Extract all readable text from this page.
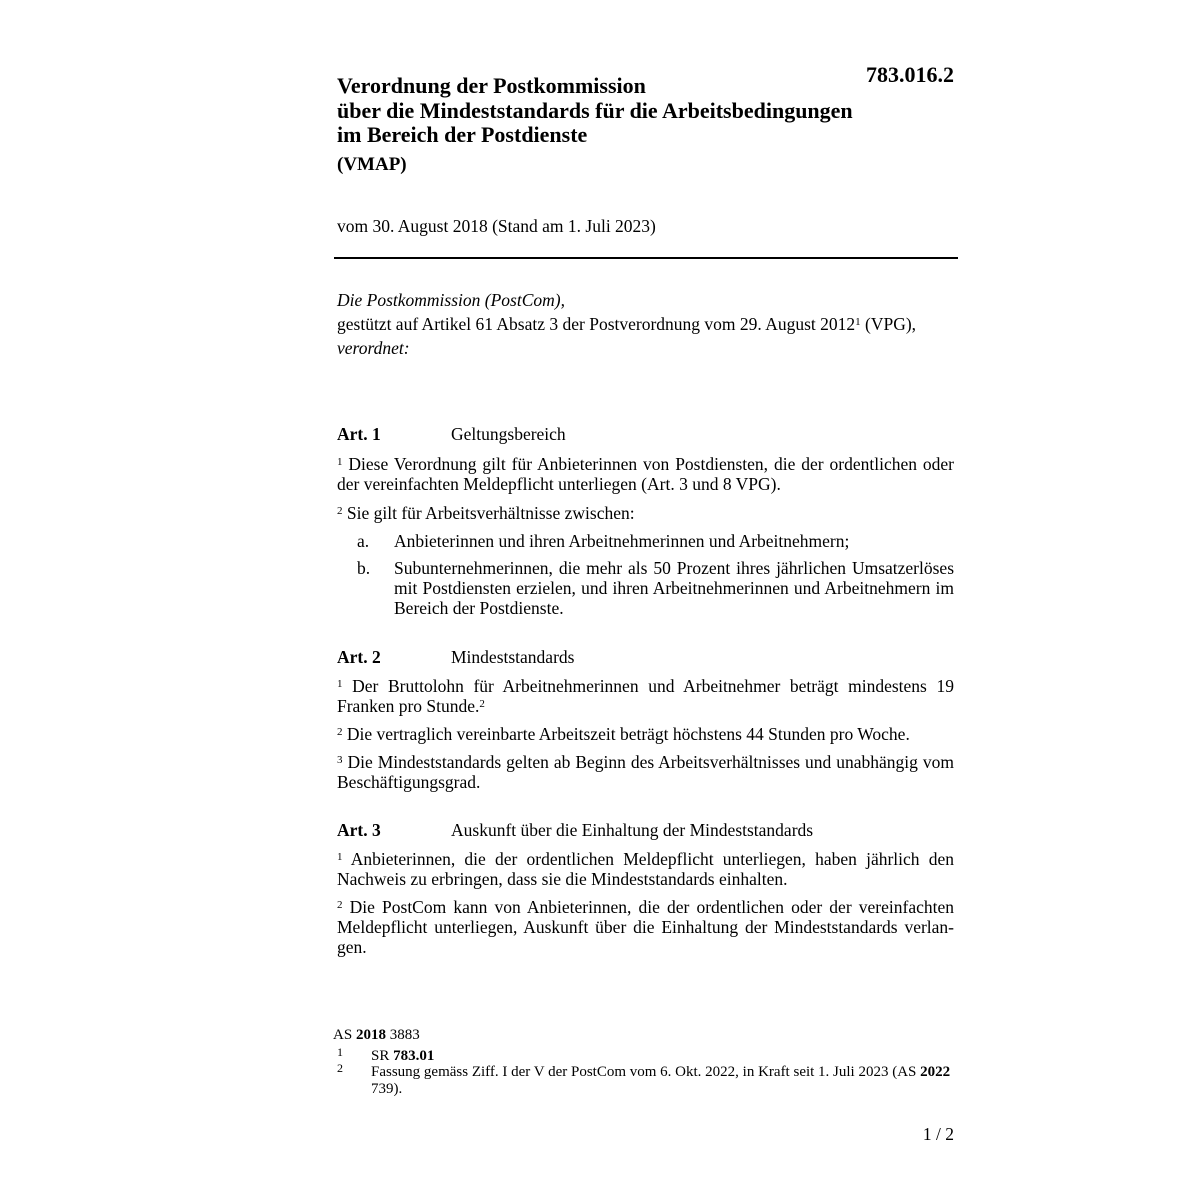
783.016.2
Verordnung der Postkommission
über die Mindeststandards für die Arbeitsbedingungen
im Bereich der Postdienste
(VMAP)
vom 30. August 2018 (Stand am 1. Juli 2023)
Die Postkommission (PostCom),
gestützt auf Artikel 61 Absatz 3 der Postverordnung vom 29. August 2012$^1$ (VPG),
verordnet:
Art. 1	Geltungsbereich
$^1$ Diese Verordnung gilt für Anbieterinnen von Postdiensten, die der ordentlichen oder der vereinfachten Meldepflicht unterliegen (Art. 3 und 8 VPG).
$^2$ Sie gilt für Arbeitsverhältnisse zwischen:
a. Anbieterinnen und ihren Arbeitnehmerinnen und Arbeitnehmern;
b. Subunternehmerinnen, die mehr als 50 Prozent ihres jährlichen Umsatzerlöses mit Postdiensten erzielen, und ihren Arbeitnehmerinnen und Arbeitnehmern im Bereich der Postdienste.
Art. 2	Mindeststandards
$^1$ Der Bruttolohn für Arbeitnehmerinnen und Arbeitnehmer beträgt mindestens 19 Franken pro Stunde.$^2$
$^2$ Die vertraglich vereinbarte Arbeitszeit beträgt höchstens 44 Stunden pro Woche.
$^3$ Die Mindeststandards gelten ab Beginn des Arbeitsverhältnisses und unabhängig vom Beschäftigungsgrad.
Art. 3	Auskunft über die Einhaltung der Mindeststandards
$^1$ Anbieterinnen, die der ordentlichen Meldepflicht unterliegen, haben jährlich den Nachweis zu erbringen, dass sie die Mindeststandards einhalten.
$^2$ Die PostCom kann von Anbieterinnen, die der ordentlichen oder der vereinfachten Meldepflicht unterliegen, Auskunft über die Einhaltung der Mindeststandards verlan-gen.
AS 2018 3883
1 SR 783.01
2 Fassung gemäss Ziff. I der V der PostCom vom 6. Okt. 2022, in Kraft seit 1. Juli 2023 (AS 2022 739).
1 / 2
